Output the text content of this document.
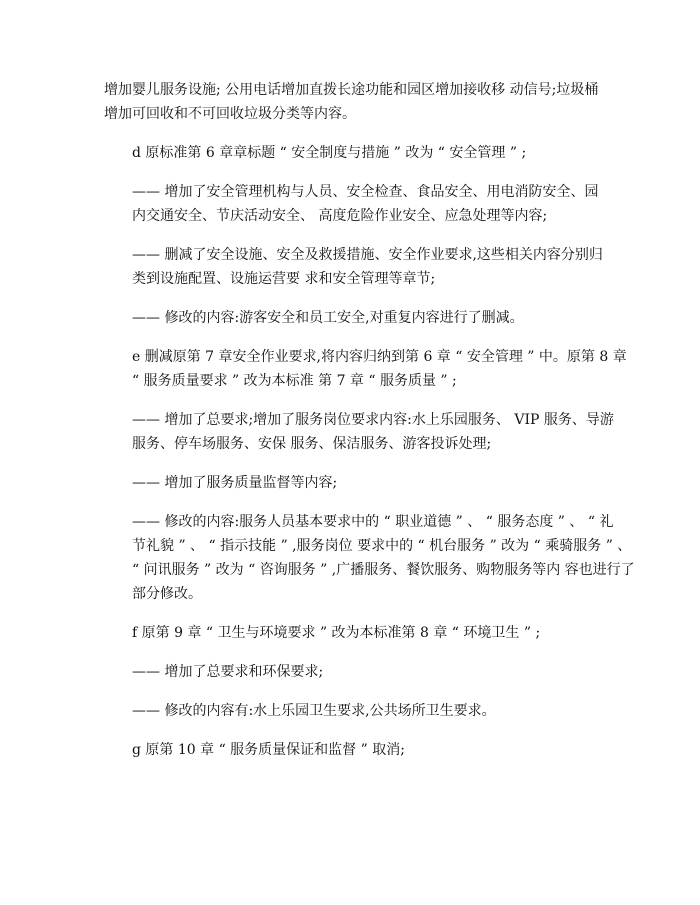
增加婴儿服务设施; 公用电话增加直拨长途功能和园区增加接收移 动信号;垃圾桶
增加可回收和不可回收垃圾分类等内容。

d 原标准第 6 章章标题 “ 安全制度与措施 ” 改为 “ 安全管理 ” ;

—— 增加了安全管理机构与人员、安全检查、食品安全、用电消防安全、园
内交通安全、节庆活动安全、 高度危险作业安全、应急处理等内容;

—— 删减了安全设施、安全及救援措施、安全作业要求,这些相关内容分别归
类到设施配置、设施运营要 求和安全管理等章节;

—— 修改的内容:游客安全和员工安全,对重复内容进行了删减。

e 删减原第 7 章安全作业要求,将内容归纳到第 6 章 “ 安全管理 ” 中。原第 8 章
“ 服务质量要求 ” 改为本标准 第 7 章 “ 服务质量 ” ;

—— 增加了总要求;增加了服务岗位要求内容:水上乐园服务、 VIP 服务、导游
服务、停车场服务、安保 服务、保洁服务、游客投诉处理;

—— 增加了服务质量监督等内容;

—— 修改的内容:服务人员基本要求中的 “ 职业道德 ” 、 “ 服务态度 ” 、 “ 礼
节礼貌 ” 、 “ 指示技能 ” ,服务岗位 要求中的 “ 机台服务 ” 改为 “ 乘骑服务 ” 、
“ 问讯服务 ” 改为 “ 咨询服务 ” ,广播服务、餐饮服务、购物服务等内 容也进行了
部分修改。

f 原第 9 章 “ 卫生与环境要求 ” 改为本标准第 8 章 “ 环境卫生 ” ;

—— 增加了总要求和环保要求;

—— 修改的内容有:水上乐园卫生要求,公共场所卫生要求。

g 原第 10 章 “ 服务质量保证和监督 ” 取消;
